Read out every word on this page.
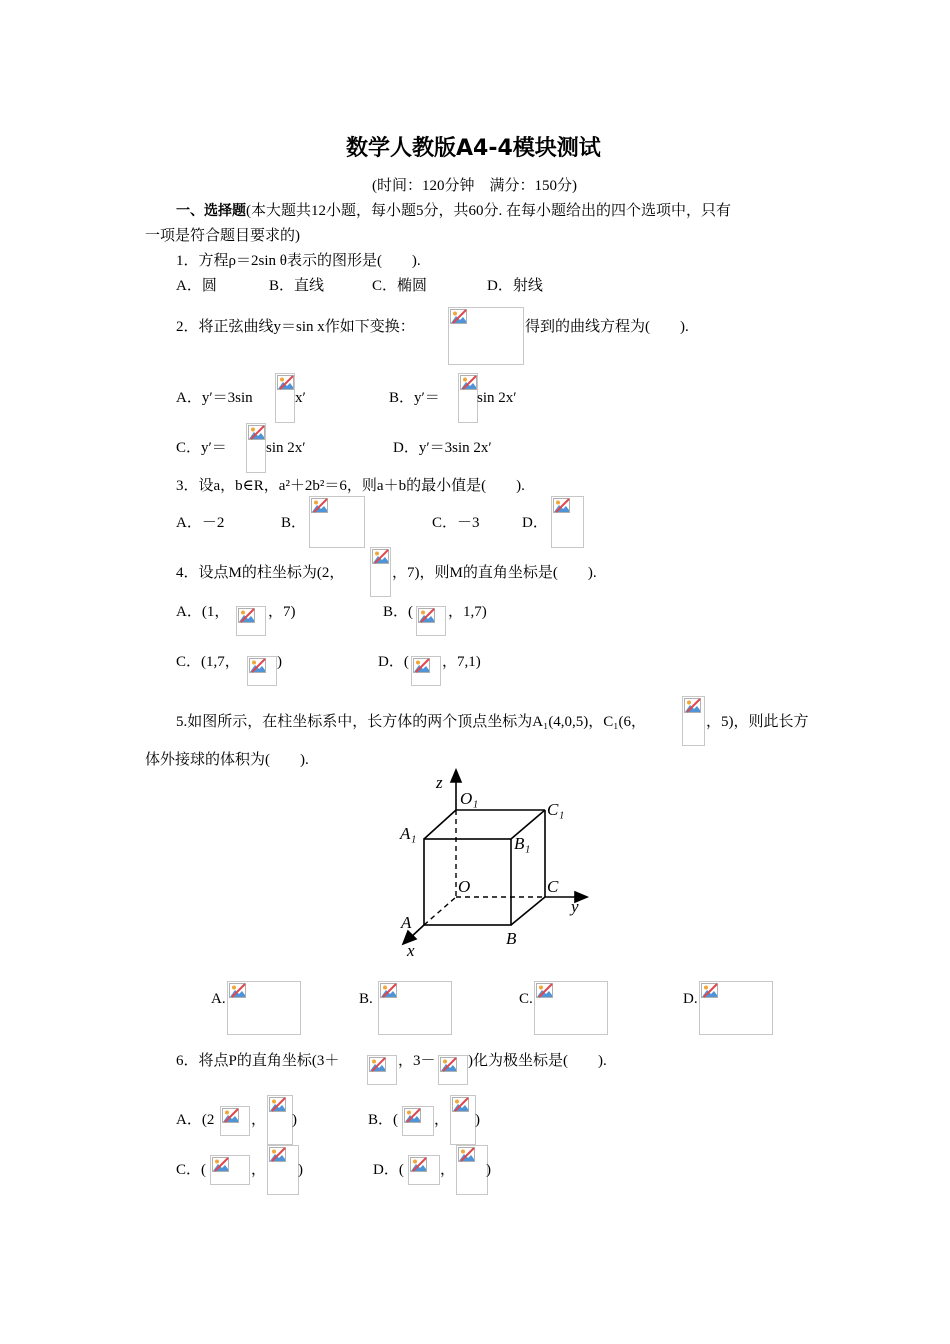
数学人教版A4-4模块测试
(时间：120分钟　满分：150分)
一、选择题(本大题共12小题，每小题5分，共60分. 在每小题给出的四个选项中，只有
一项是符合题目要求的)
1．方程ρ＝2sin θ表示的图形是(　　).
A．圆	B．直线	C．椭圆	D．射线
2．将正弦曲线y＝sin x作如下变换：	得到的曲线方程为(　　).
A．y′＝3sin	x′	B．y′＝ sin 2x′
C．y′＝	sin 2x′	D．y′＝3sin 2x′
3．设a，b∈R，a²＋2b²＝6，则a＋b的最小值是(　　).
A．－2	B．	C．－3	D．
4．设点M的柱坐标为(2，	，7)，则M的直角坐标是(　　).
A．(1，	，7)	B．( ，1,7)
C．(1,7， )	D．( ，7,1)
5.如图所示，在柱坐标系中，长方体的两个顶点坐标为A₁(4,0,5)，C₁(6，	，5)，则此长方
体外接球的体积为(　　).
z
O₁
C₁
A₁
B₁
O	C
y
A
B
x
A.	B.	C.	D.
6．将点P的直角坐标(3＋	，3－ )化为极坐标是(　　).
A．(2 ， )	B．( ， )
C．(	， )	D．( ， )
